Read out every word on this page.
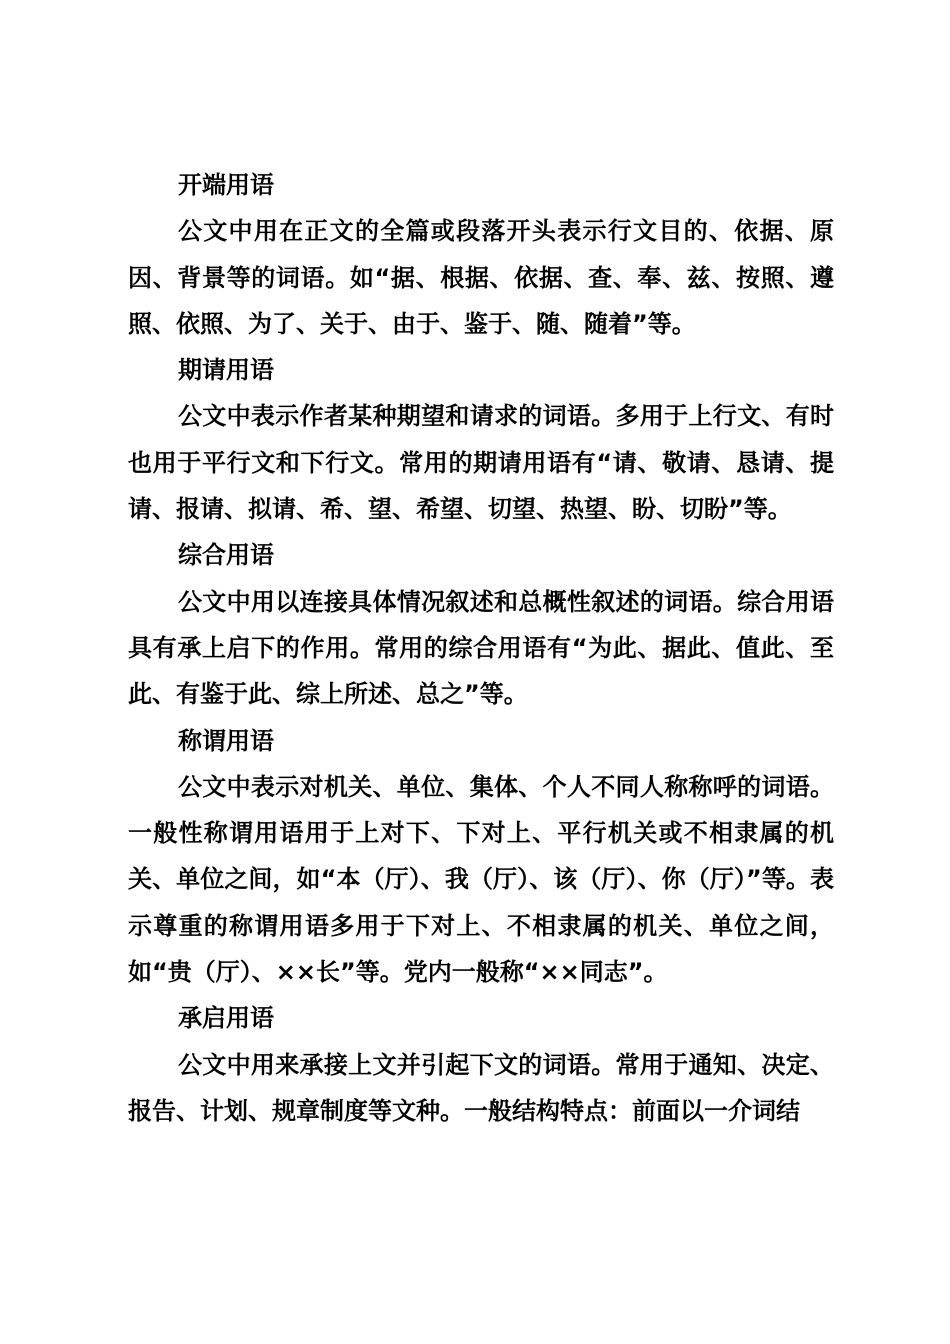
开端用语

公文中用在正文的全篇或段落开头表示行文目的、依据、原因、背景等的词语。如“据、根据、依据、查、奉、兹、按照、遵照、依照、为了、关于、由于、鉴于、随、随着”等。

期请用语

公文中表示作者某种期望和请求的词语。多用于上行文、有时也用于平行文和下行文。常用的期请用语有“请、敬请、恳请、提请、报请、拟请、希、望、希望、切望、热望、盼、切盼”等。

综合用语

公文中用以连接具体情况叙述和总概性叙述的词语。综合用语具有承上启下的作用。常用的综合用语有“为此、据此、值此、至此、有鉴于此、综上所述、总之”等。

称谓用语

公文中表示对机关、单位、集体、个人不同人称称呼的词语。一般性称谓用语用于上对下、下对上、平行机关或不相隶属的机关、单位之间，如“本（厅）、我（厅）、该（厅）、你（厅）”等。表示尊重的称谓用语多用于下对上、不相隶属的机关、单位之间，如“贵（厅）、××长”等。党内一般称“××同志”。

承启用语

公文中用来承接上文并引起下文的词语。常用于通知、决定、报告、计划、规章制度等文种。一般结构特点：前面以一介词结
